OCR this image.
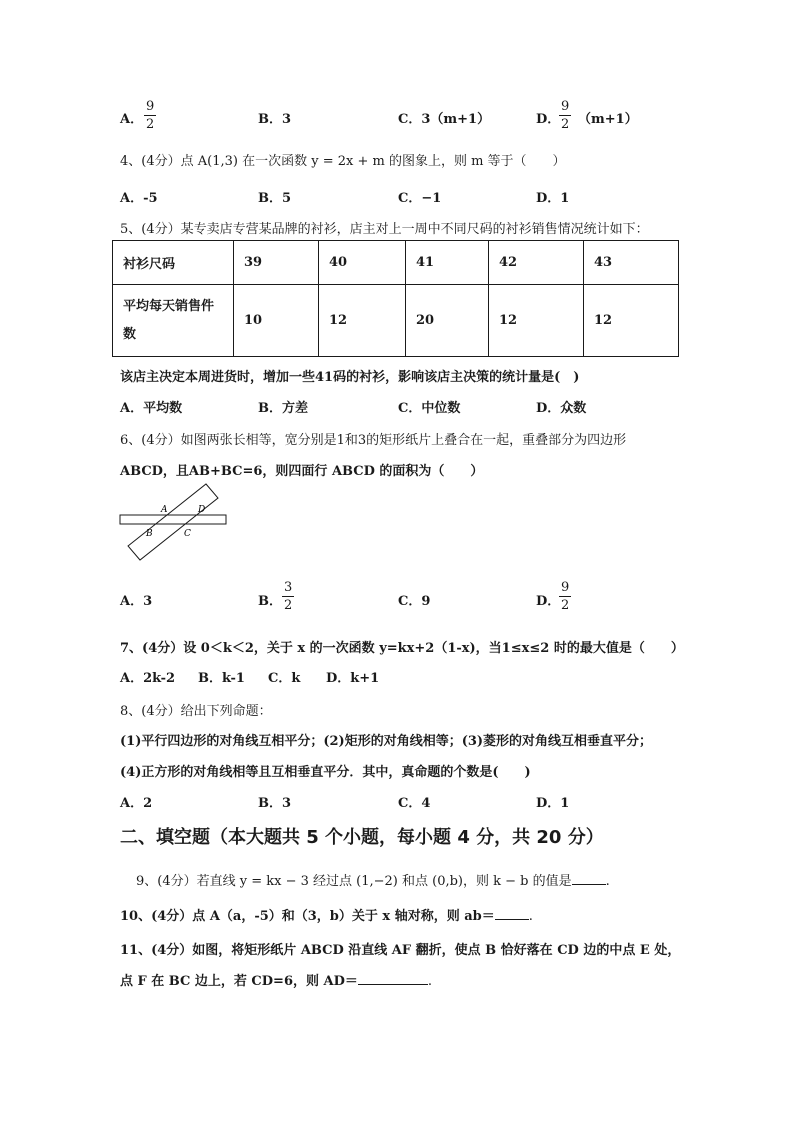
A． $\frac{9}{2}$	B．3	C．3（m+1）	D．
$\frac{9}{2} (m+1)$
4、(4分）点 A(1,3) 在一次函数 y = 2x + m 的图象上，则 m 等于（　　）
A．-5	B．5	C．−1	D．1
5、(4分）某专卖店专营某品牌的衬衫，店主对上一周中不同尺码的衬衫销售情况统计如下：
衬衫尺码	39	40	41	42	43
平均每天销售件
数	10	12	20	12	12
该店主决定本周进货时，增加一些41码的衬衫，影响该店主决策的统计量是(　)
A．平均数	B．方差	C．中位数	D．众数
6、(4分）如图两张长相等，宽分别是1和3的矩形纸片上叠合在一起，重叠部分为四边形
ABCD，且AB+BC=6，则四面行 ABCD 的面积为（　　）
A	D
B	C
A．3	B． $\frac{3}{2}$	C．9	D．
$\frac{9}{2}$
7、(4分）设 0＜k＜2，关于 x 的一次函数 y=kx+2（1-x)，当1≤x≤2 时的最大值是（　　）
A．2k-2 B．k-1 C．k D．k+1
8、(4分）给出下列命题：
(1)平行四边形的对角线互相平分；(2)矩形的对角线相等；(3)菱形的对角线互相垂直平分；
(4)正方形的对角线相等且互相垂直平分．其中，真命题的个数是(　　)
A．2	B．3	C．4	D．1
二、填空题（本大题共 5 个小题，每小题 4 分，共 20 分）
9、(4分）若直线 y = kx − 3 经过点 (1,−2) 和点 (0,b)，则 k − b 的值是	.
10、(4分）点 A（a，-5）和（3，b）关于 x 轴对称，则 ab＝	.
11、(4分）如图，将矩形纸片 ABCD 沿直线 AF 翻折，使点 B 恰好落在 CD 边的中点 E 处，
点 F 在 BC 边上，若 CD=6，则 AD＝	.
